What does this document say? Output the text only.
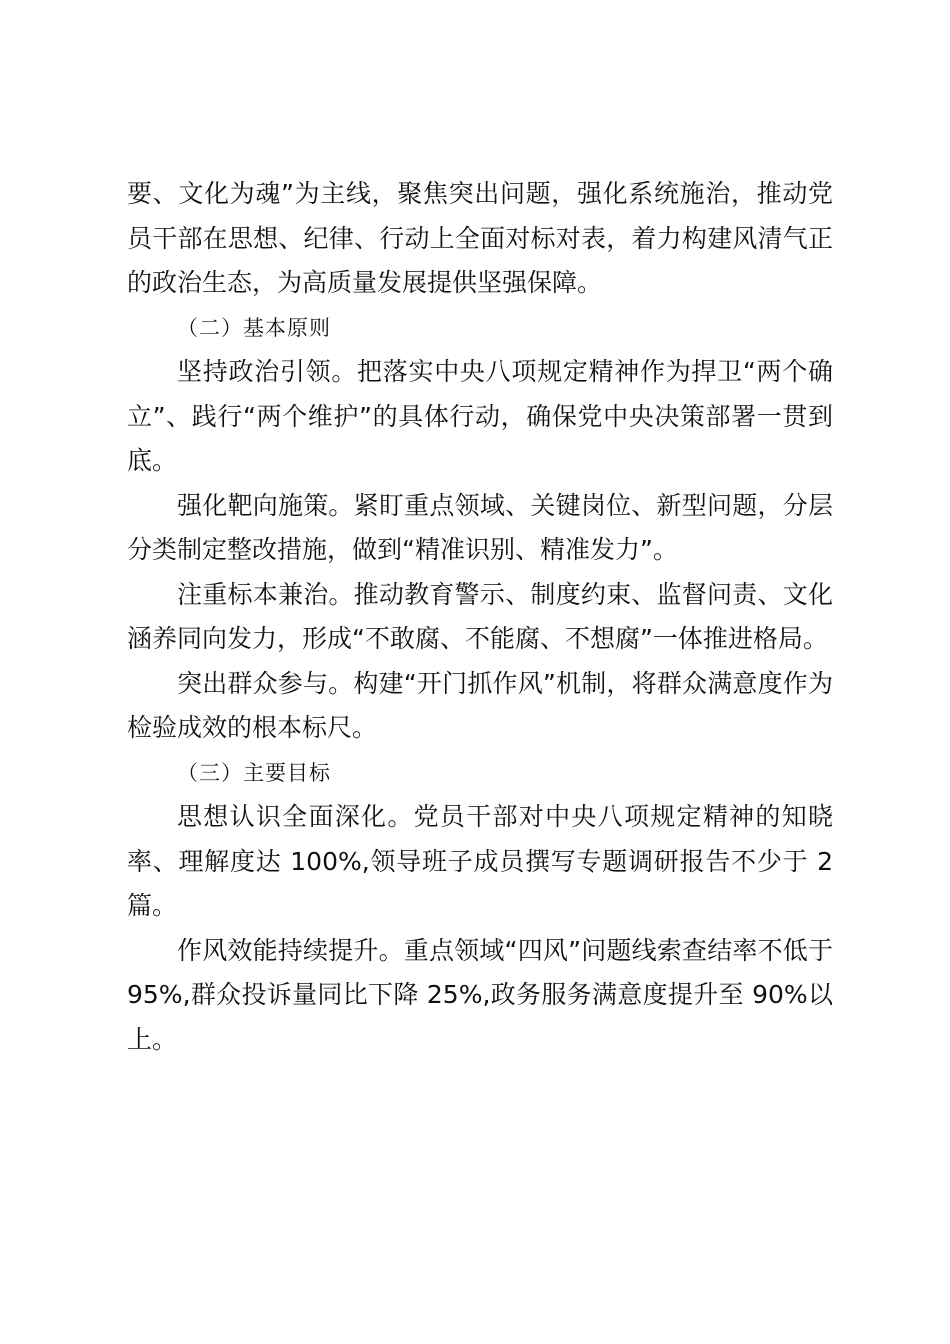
要、文化为魂”为主线，聚焦突出问题，强化系统施治，推动党员干部在思想、纪律、行动上全面对标对表，着力构建风清气正的政治生态，为高质量发展提供坚强保障。

（二）基本原则

坚持政治引领。把落实中央八项规定精神作为捍卫“两个确立”、践行“两个维护”的具体行动，确保党中央决策部署一贯到底。

强化靶向施策。紧盯重点领域、关键岗位、新型问题，分层分类制定整改措施，做到“精准识别、精准发力”。

注重标本兼治。推动教育警示、制度约束、监督问责、文化涵养同向发力，形成“不敢腐、不能腐、不想腐”一体推进格局。

突出群众参与。构建“开门抓作风”机制，将群众满意度作为检验成效的根本标尺。

（三）主要目标

思想认识全面深化。党员干部对中央八项规定精神的知晓率、理解度达 100%,领导班子成员撰写专题调研报告不少于 2 篇。

作风效能持续提升。重点领域“四风”问题线索查结率不低于 95%,群众投诉量同比下降 25%,政务服务满意度提升至 90%以上。
